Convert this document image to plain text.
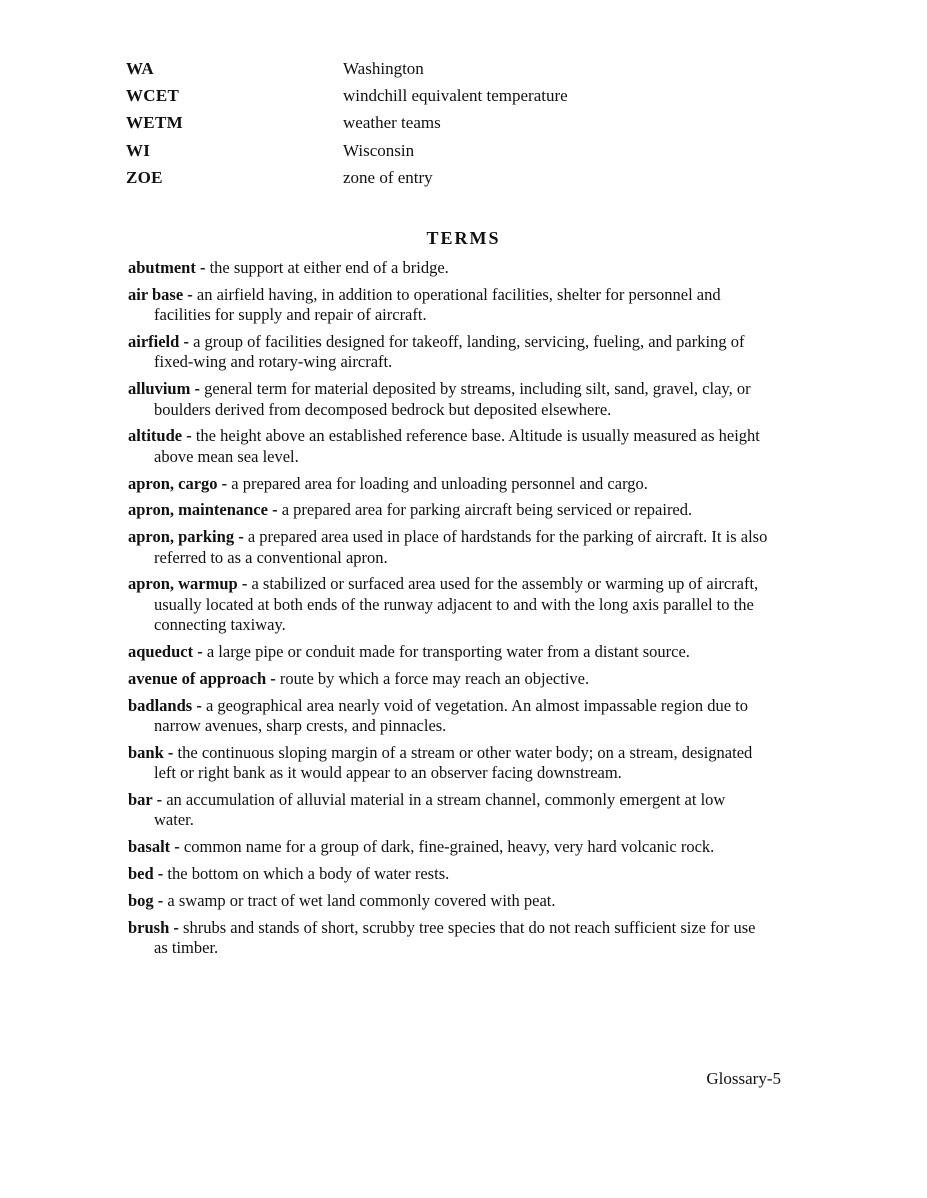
WA	Washington
WCET	windchill equivalent temperature
WETM	weather teams
WI	Wisconsin
ZOE	zone of entry
TERMS
abutment - the support at either end of a bridge.
air base - an airfield having, in addition to operational facilities, shelter for personnel and facilities for supply and repair of aircraft.
airfield - a group of facilities designed for takeoff, landing, servicing, fueling, and parking of fixed-wing and rotary-wing aircraft.
alluvium - general term for material deposited by streams, including silt, sand, gravel, clay, or boulders derived from decomposed bedrock but deposited elsewhere.
altitude - the height above an established reference base. Altitude is usually measured as height above mean sea level.
apron, cargo - a prepared area for loading and unloading personnel and cargo.
apron, maintenance - a prepared area for parking aircraft being serviced or repaired.
apron, parking - a prepared area used in place of hardstands for the parking of aircraft. It is also referred to as a conventional apron.
apron, warmup - a stabilized or surfaced area used for the assembly or warming up of aircraft, usually located at both ends of the runway adjacent to and with the long axis parallel to the connecting taxiway.
aqueduct - a large pipe or conduit made for transporting water from a distant source.
avenue of approach - route by which a force may reach an objective.
badlands - a geographical area nearly void of vegetation. An almost impassable region due to narrow avenues, sharp crests, and pinnacles.
bank - the continuous sloping margin of a stream or other water body; on a stream, designated left or right bank as it would appear to an observer facing downstream.
bar - an accumulation of alluvial material in a stream channel, commonly emergent at low water.
basalt - common name for a group of dark, fine-grained, heavy, very hard volcanic rock.
bed - the bottom on which a body of water rests.
bog - a swamp or tract of wet land commonly covered with peat.
brush - shrubs and stands of short, scrubby tree species that do not reach sufficient size for use as timber.
Glossary-5
